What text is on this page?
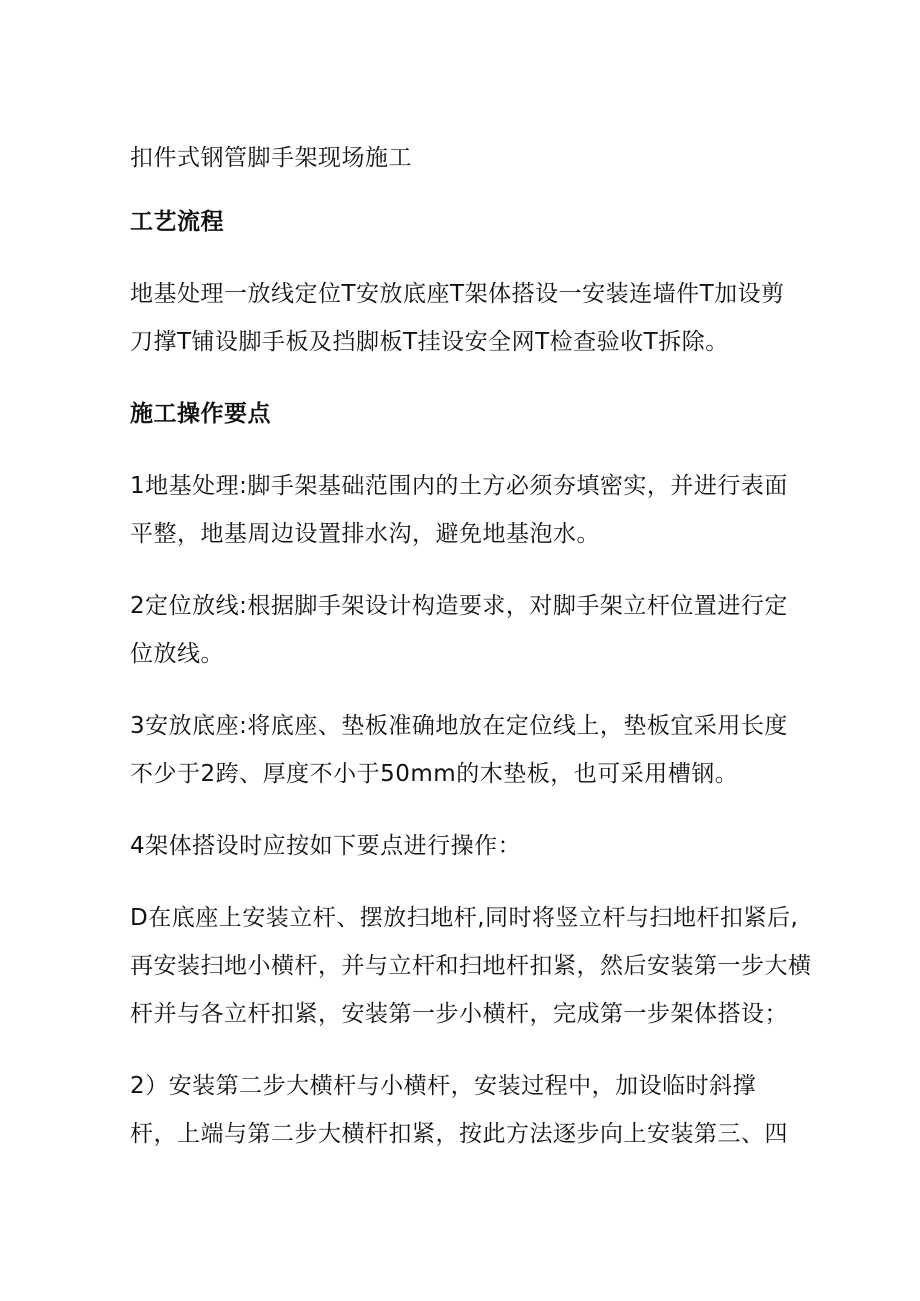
扣件式钢管脚手架现场施工
工艺流程
地基处理一放线定位T安放底座T架体搭设一安装连墙件T加设剪
刀撑T铺设脚手板及挡脚板T挂设安全网T检查验收T拆除。
施工操作要点
1地基处理:脚手架基础范围内的土方必须夯填密实，并进行表面
平整，地基周边设置排水沟，避免地基泡水。
2定位放线:根据脚手架设计构造要求，对脚手架立杆位置进行定
位放线。
3安放底座:将底座、垫板准确地放在定位线上，垫板宜采用长度
不少于2跨、厚度不小于50mm的木垫板，也可采用槽钢。
4架体搭设时应按如下要点进行操作：
D在底座上安装立杆、摆放扫地杆,同时将竖立杆与扫地杆扣紧后,
再安装扫地小横杆，并与立杆和扫地杆扣紧，然后安装第一步大横
杆并与各立杆扣紧，安装第一步小横杆，完成第一步架体搭设；
2）安装第二步大横杆与小横杆，安装过程中，加设临时斜撑
杆，上端与第二步大横杆扣紧，按此方法逐步向上安装第三、四
